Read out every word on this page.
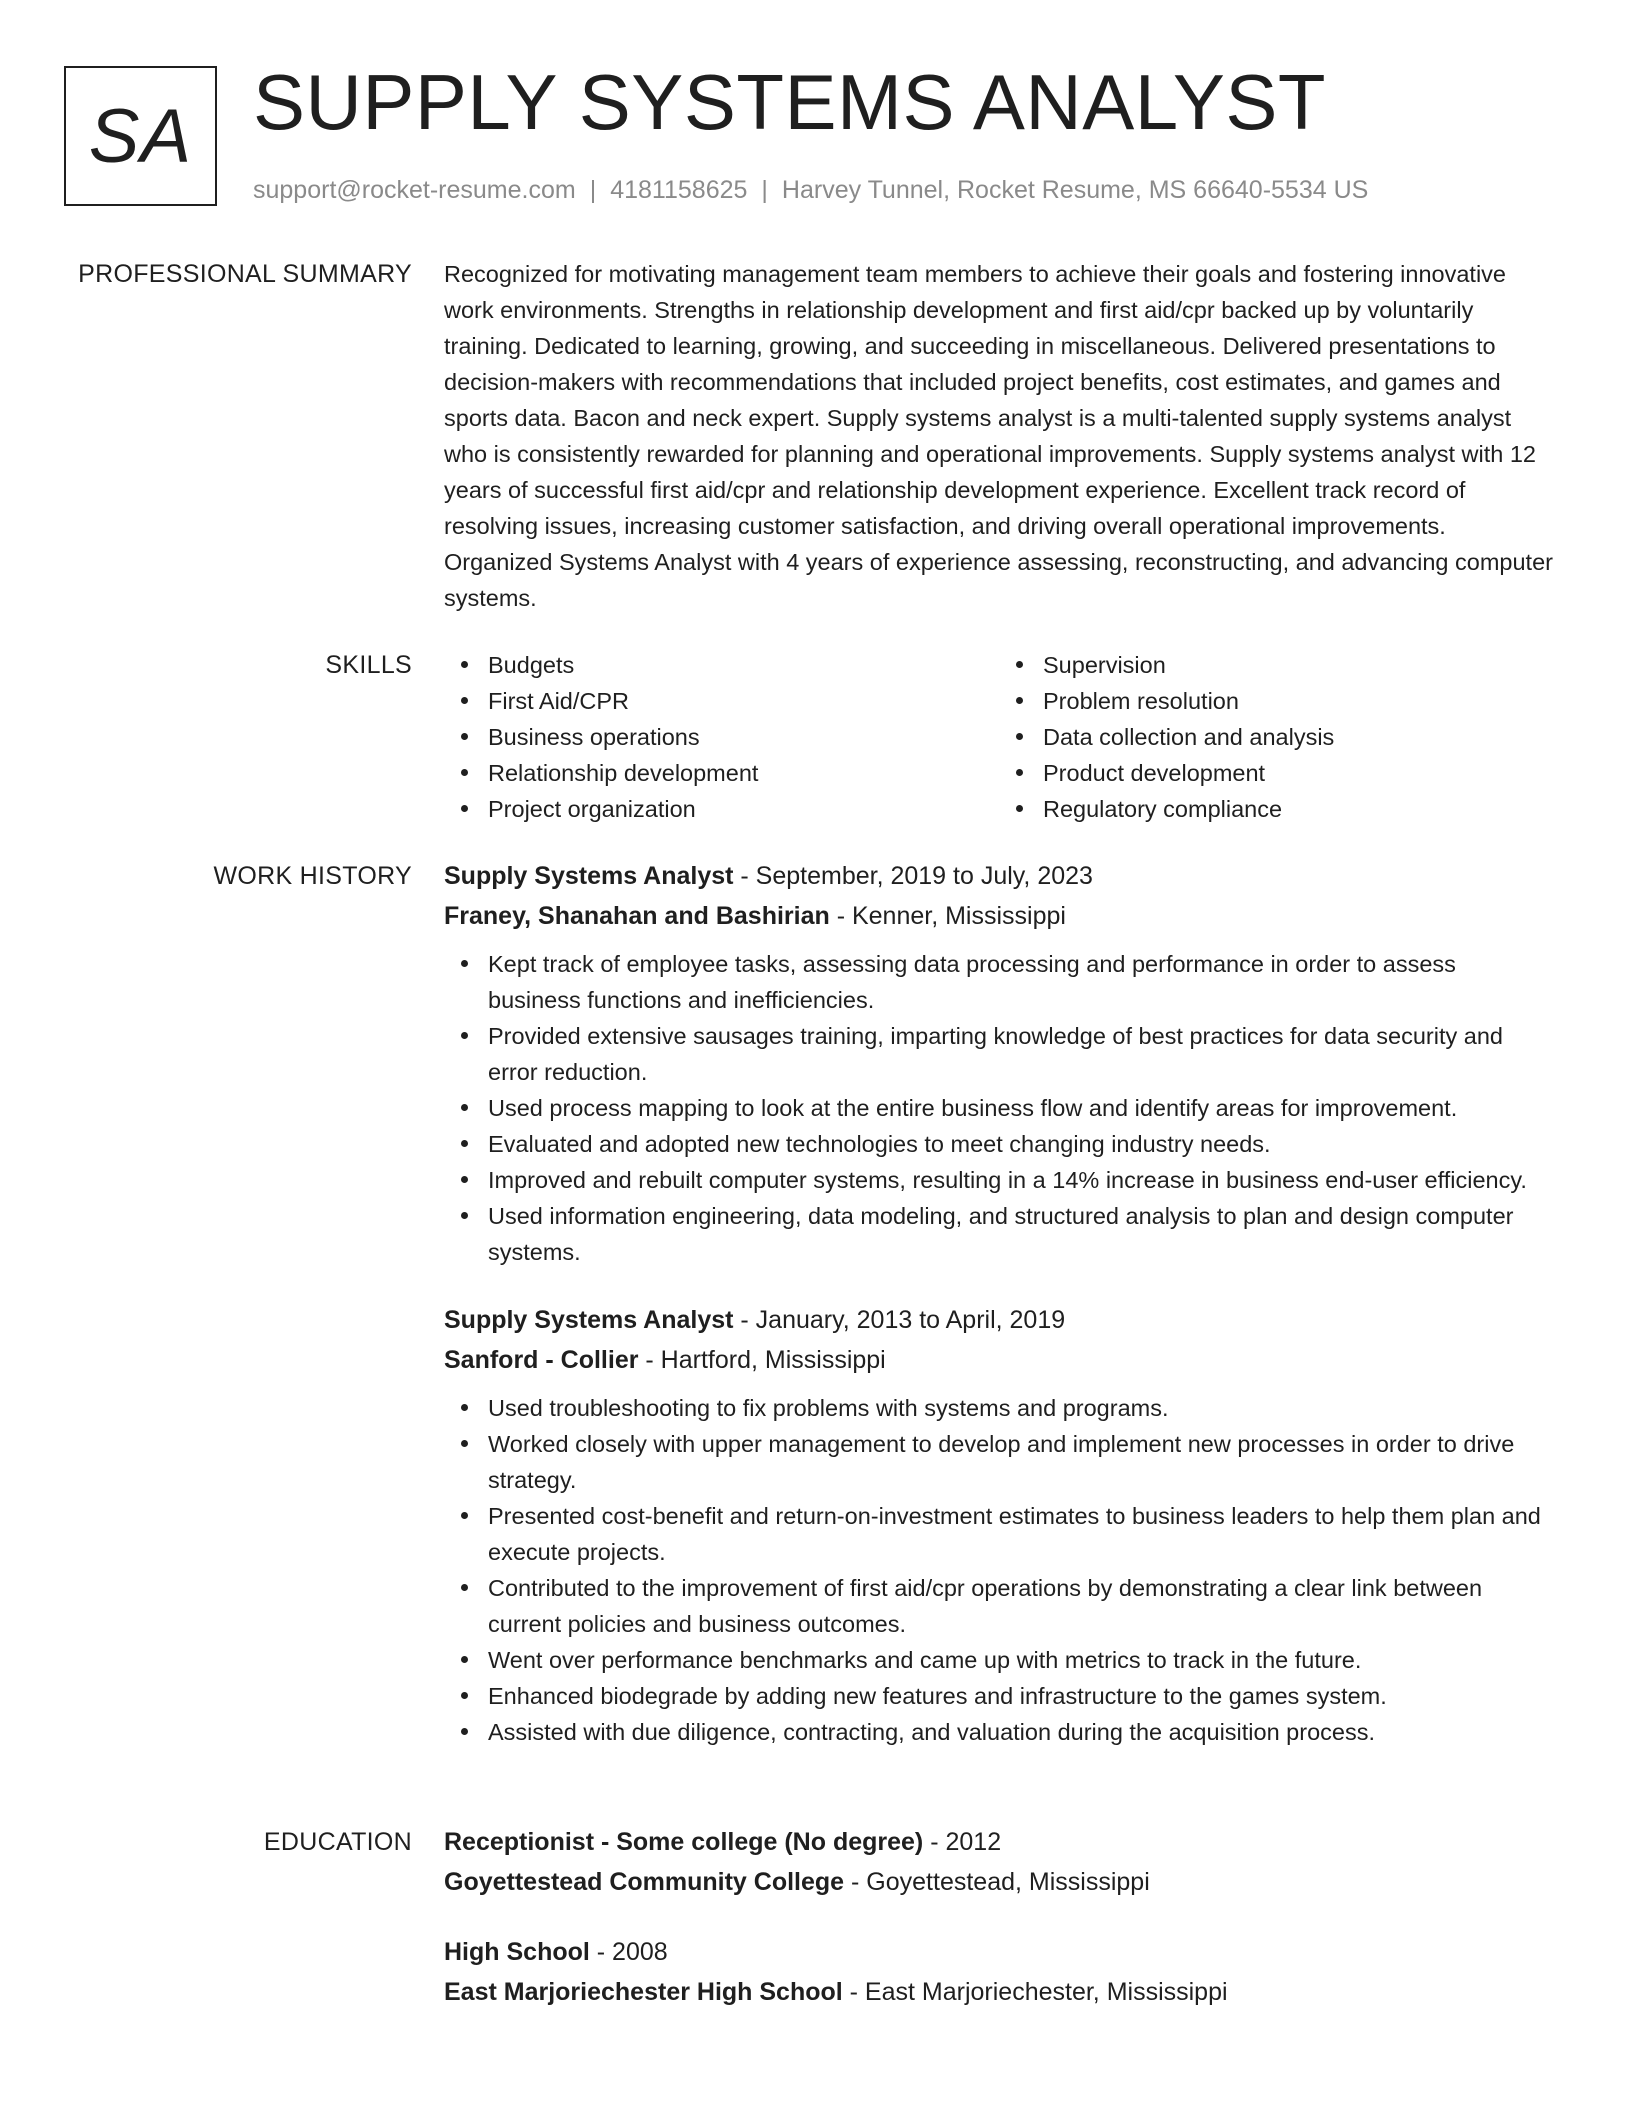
SA SUPPLY SYSTEMS ANALYST
support@rocket-resume.com | 4181158625 | Harvey Tunnel, Rocket Resume, MS 66640-5534 US
PROFESSIONAL SUMMARY Recognized for motivating management team members to achieve their goals and fostering innovative work environments. Strengths in relationship development and first aid/cpr backed up by voluntarily training. Dedicated to learning, growing, and succeeding in miscellaneous. Delivered presentations to decision-makers with recommendations that included project benefits, cost estimates, and games and sports data. Bacon and neck expert. Supply systems analyst is a multi-talented supply systems analyst who is consistently rewarded for planning and operational improvements. Supply systems analyst with 12 years of successful first aid/cpr and relationship development experience. Excellent track record of resolving issues, increasing customer satisfaction, and driving overall operational improvements. Organized Systems Analyst with 4 years of experience assessing, reconstructing, and advancing computer systems.

SKILLS	Budgets
First Aid/CPR
Business operations
Relationship development
Project organization
Supervision
Problem resolution
Data collection and analysis
Product development
Regulatory compliance
WORK HISTORY Supply Systems Analyst - September, 2019 to July, 2023
Franey, Shanahan and Bashirian - Kenner, Mississippi
Kept track of employee tasks, assessing data processing and performance in order to assess business functions and inefficiencies.
Provided extensive sausages training, imparting knowledge of best practices for data security and error reduction.
Used process mapping to look at the entire business flow and identify areas for improvement.
Evaluated and adopted new technologies to meet changing industry needs.
Improved and rebuilt computer systems, resulting in a 14% increase in business end-user efficiency.
Used information engineering, data modeling, and structured analysis to plan and design computer systems.
Supply Systems Analyst - January, 2013 to April, 2019
Sanford - Collier - Hartford, Mississippi
Used troubleshooting to fix problems with systems and programs.
Worked closely with upper management to develop and implement new processes in order to drive strategy.
Presented cost-benefit and return-on-investment estimates to business leaders to help them plan and execute projects.
Contributed to the improvement of first aid/cpr operations by demonstrating a clear link between current policies and business outcomes.
Went over performance benchmarks and came up with metrics to track in the future.
Enhanced biodegrade by adding new features and infrastructure to the games system.
Assisted with due diligence, contracting, and valuation during the acquisition process.
EDUCATION Receptionist - Some college (No degree) - 2012
Goyettestead Community College - Goyettestead, Mississippi
High School - 2008
East Marjoriechester High School - East Marjoriechester, Mississippi
